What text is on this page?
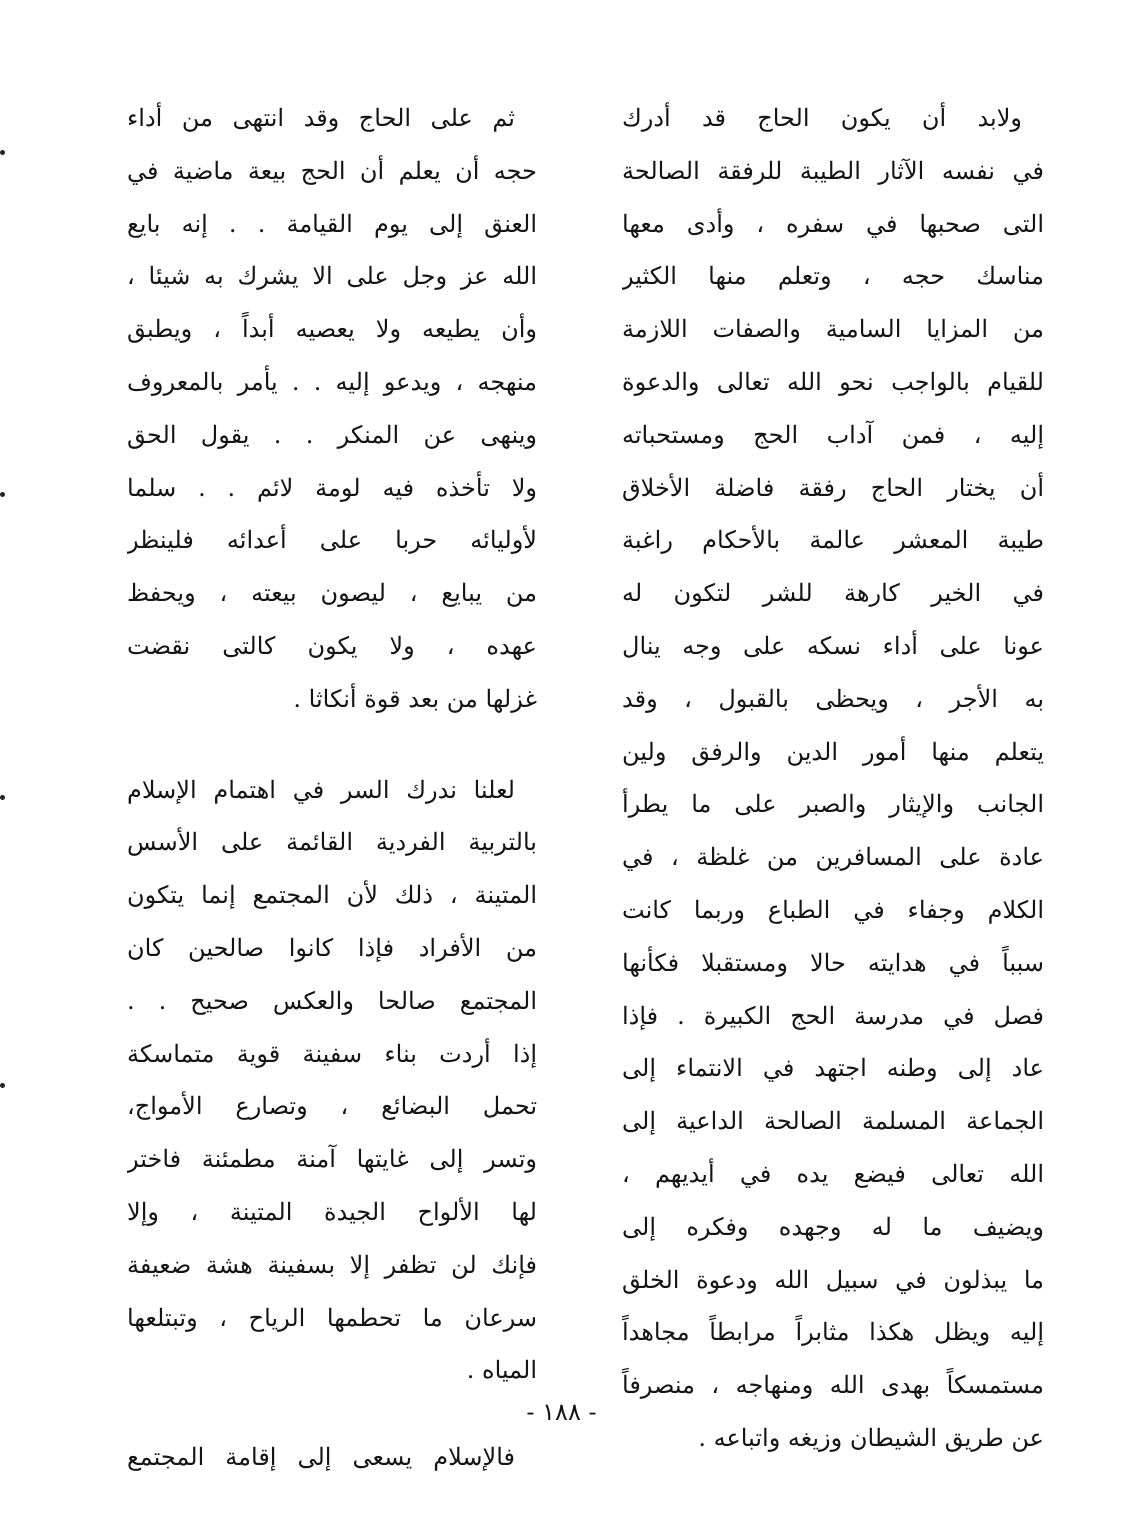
ولابد أن يكون الحاج قد أدرك
في نفسه الآثار الطيبة للرفقة الصالحة
التى صحبها في سفره ، وأدى معها
مناسك حجه ، وتعلم منها الكثير
من المزايا السامية والصفات اللازمة
للقيام بالواجب نحو الله تعالى والدعوة
إليه ، فمن آداب الحج ومستحباته
أن يختار الحاج رفقة فاضلة الأخلاق
طيبة المعشر عالمة بالأحكام راغبة
في الخير كارهة للشر لتكون له
عونا على أداء نسكه على وجه ينال
به الأجر ، ويحظى بالقبول ، وقد
يتعلم منها أمور الدين والرفق ولين
الجانب والإيثار والصبر على ما يطرأ
عادة على المسافرين من غلظة ، في
الكلام وجفاء في الطباع وربما كانت
سبباً في هدايته حالا ومستقبلا فكأنها
فصل في مدرسة الحج الكبيرة . فإذا
عاد إلى وطنه اجتهد في الانتماء إلى
الجماعة المسلمة الصالحة الداعية إلى
الله تعالى فيضع يده في أيديهم ،
ويضيف ما له وجهده وفكره إلى
ما يبذلون في سبيل الله ودعوة الخلق
إليه ويظل هكذا مثابراً مرابطاً مجاهداً
مستمسكاً بهدى الله ومنهاجه ، منصرفاً
عن طريق الشيطان وزيغه واتباعه .
ثم على الحاج وقد انتهى من أداء
حجه أن يعلم أن الحج بيعة ماضية في
العنق إلى يوم القيامة . . إنه بايع
الله عز وجل على الا يشرك به شيئا ،
وأن يطيعه ولا يعصيه أبداً ، ويطبق
منهجه ، ويدعو إليه . . يأمر بالمعروف
وينهى عن المنكر . . يقول الحق
ولا تأخذه فيه لومة لائم . . سلما
لأوليائه حربا على أعدائه فلينظر
من يبايع ، ليصون بيعته ، ويحفظ
عهده ، ولا يكون كالتى نقضت
غزلها من بعد قوة أنكاثا .
لعلنا ندرك السر في اهتمام الإسلام
بالتربية الفردية القائمة على الأسس
المتينة ، ذلك لأن المجتمع إنما يتكون
من الأفراد فإذا كانوا صالحين كان
المجتمع صالحا والعكس صحيح . .
إذا أردت بناء سفينة قوية متماسكة
تحمل البضائع ، وتصارع الأمواج،
وتسر إلى غايتها آمنة مطمئنة فاختر
لها الألواح الجيدة المتينة ، وإلا
فإنك لن تظفر إلا بسفينة هشة ضعيفة
سرعان ما تحطمها الرياح ، وتبتلعها
المياه .
فالإسلام يسعى إلى إقامة المجتمع
- ١٨٨ -
